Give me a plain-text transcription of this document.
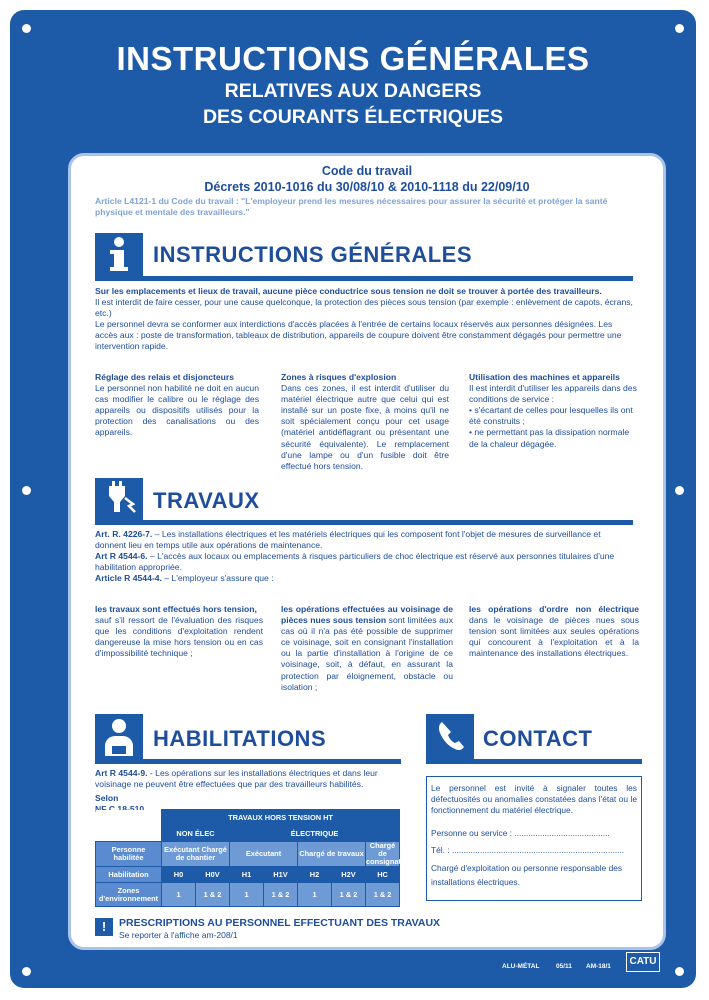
INSTRUCTIONS GÉNÉRALES
RELATIVES AUX DANGERS
DES COURANTS ÉLECTRIQUES
Code du travail
Décrets 2010-1016 du 30/08/10 & 2010-1118 du 22/09/10
Article L4121-1 du Code du travail : "L'employeur prend les mesures nécessaires pour assurer la sécurité et protéger la santé physique et mentale des travailleurs."
INSTRUCTIONS GÉNÉRALES
Sur les emplacements et lieux de travail, aucune pièce conductrice sous tension ne doit se trouver à portée des travailleurs.
Il est interdit de faire cesser, pour une cause quelconque, la protection des pièces sous tension (par exemple : enlèvement de capots, écrans, etc.)
Le personnel devra se conformer aux interdictions d'accès placées à l'entrée de certains locaux réservés aux personnes désignées. Les accès aux : poste de transformation, tableaux de distribution, appareils de coupure doivent être constamment dégagés pour permettre une intervention rapide.
Réglage des relais et disjoncteurs
Le personnel non habilité ne doit en aucun cas modifier le calibre ou le réglage des appareils ou dispositifs utilisés pour la protection des canalisations ou des appareils.
Zones à risques d'explosion
Dans ces zones, il est interdit d'utiliser du matériel électrique autre que celui qui est installé sur un poste fixe, à moins qu'il ne soit spécialement conçu pour cet usage (matériel antidéflagrant ou présentant une sécurité équivalente). Le remplacement d'une lampe ou d'un fusible doit être effectué hors tension.
Utilisation des machines et appareils
Il est interdit d'utiliser les appareils dans des conditions de service :
• s'écartant de celles pour lesquelles ils ont été construits ;
• ne permettant pas la dissipation normale de la chaleur dégagée.
TRAVAUX
Art. R. 4226-7. – Les installations électriques et les matériels électriques qui les composent font l'objet de mesures de surveillance et donnent lieu en temps utile aux opérations de maintenance.
Art R 4544-6. – L'accès aux locaux ou emplacements à risques particuliers de choc électrique est réservé aux personnes titulaires d'une habilitation appropriée.
Article R 4544-4. – L'employeur s'assure que :
les travaux sont effectués hors tension,
sauf s'il ressort de l'évaluation des risques que les conditions d'exploitation rendent dangereuse la mise hors tension ou en cas d'impossibilité technique ;
les opérations effectuées au voisinage de pièces nues sous tension sont limitées aux cas où il n'a pas été possible de supprimer ce voisinage, soit en consignant l'installation ou la partie d'installation à l'origine de ce voisinage, soit, à défaut, en assurant la protection par éloignement, obstacle ou isolation ;
les opérations d'ordre non électrique dans le voisinage de pièces nues sous tension sont limitées aux seules opérations qui concourent à l'exploitation et à la maintenance des installations électriques.
HABILITATIONS
Art R 4544-9. - Les opérations sur les installations électriques et dans leur voisinage ne peuvent être effectuées que par des travailleurs habilités.
Selon

	TRAVAUX HORS TENSION HT						
	NON ÉLEC		ÉLECTRIQUE				
Personne habilitée	Exécutant Chargé de chantier		Exécutant		Chargé de travaux		Chargé de consignation
Habilitation	H0	H0V	H1	H1V	H2	H2V	HC
Zones d'environnement	1	1 & 2	1	1 & 2	1	1 & 2	1 & 2
CONTACT
Le personnel est invité à signaler toutes les défectuosités ou anomalies constatées dans l'état ou le fonctionnement du matériel électrique.
Personne ou service : .........................................
Tél. : ..........................................................................
Chargé d'exploitation ou personne responsable des installations électriques.
!	PRESCRIPTIONS AU PERSONNEL EFFECTUANT DES TRAVAUX
Se reporter à l'affiche am-208/1
ALU-MÉTAL	05/11 AM-18/1	CATU
